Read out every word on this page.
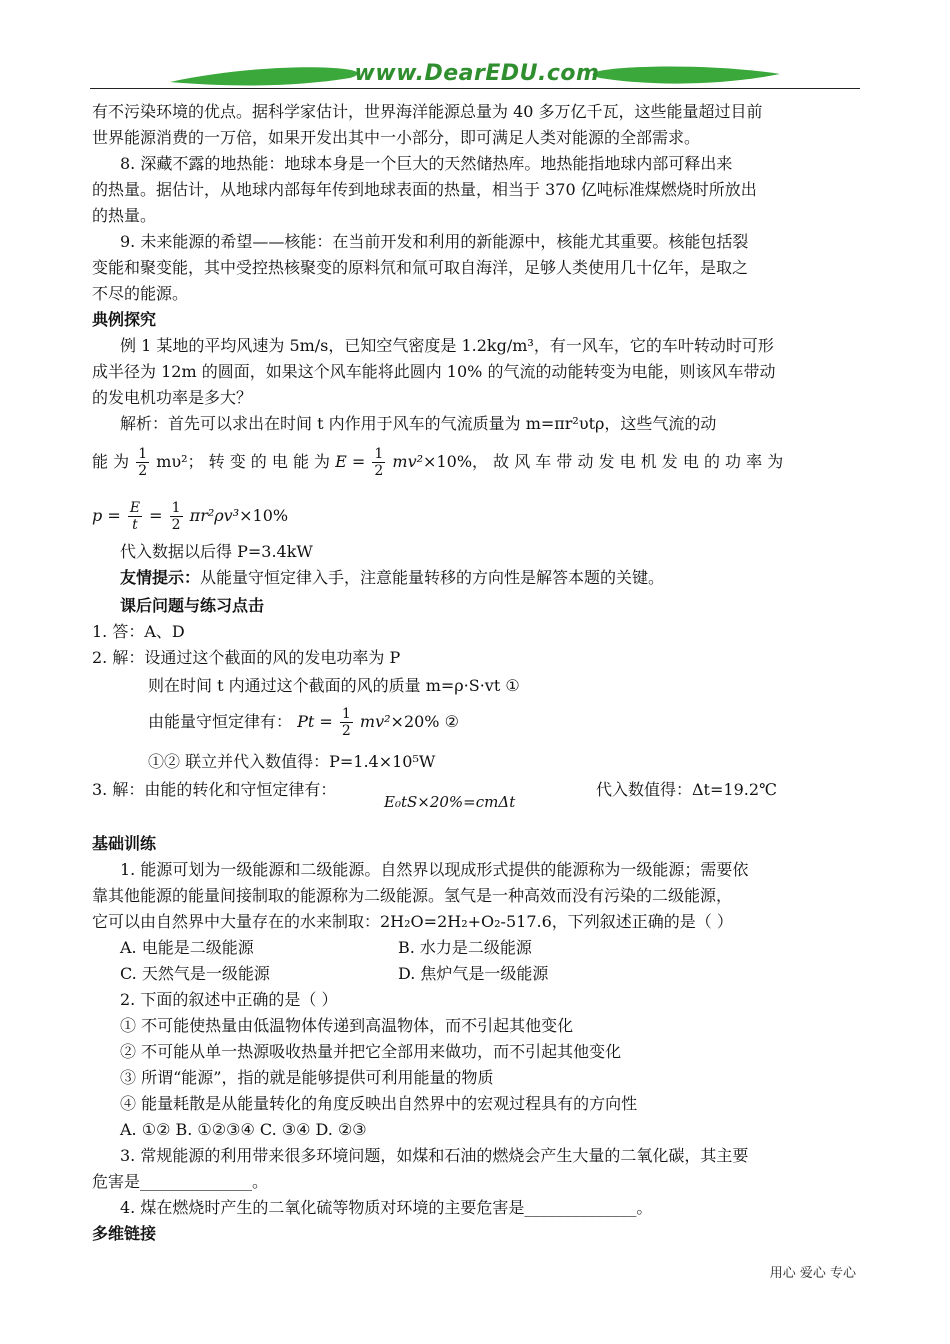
www.DearEDU.com
有不污染环境的优点。据科学家估计，世界海洋能源总量为 40 多万亿千瓦，这些能量超过目前
世界能源消费的一万倍，如果开发出其中一小部分，即可满足人类对能源的全部需求。
8. 深藏不露的地热能：地球本身是一个巨大的天然储热库。地热能指地球内部可释出来
的热量。据估计，从地球内部每年传到地球表面的热量，相当于 370 亿吨标准煤燃烧时所放出
的热量。
9. 未来能源的希望——核能：在当前开发和利用的新能源中，核能尤其重要。核能包括裂
变能和聚变能，其中受控热核聚变的原料氘和氚可取自海洋，足够人类使用几十亿年，是取之
不尽的能源。
典例探究
例 1 某地的平均风速为 5m/s，已知空气密度是 1.2kg/m³，有一风车，它的车叶转动时可形
成半径为 12m 的圆面，如果这个风车能将此圆内 10% 的气流的动能转变为电能，则该风车带动
的发电机功率是多大？
解析：首先可以求出在时间 t 内作用于风车的气流质量为 m=πr²υtρ，这些气流的动
能 为 $\frac{1}{2} m\upsilon^2$； 转 变 的 电 能 为 $E = \frac{1}{2} mv^2\times 10\%$， 故 风 车 带 动 发 电 机 发 电 的 功 率 为
$p = \frac{E}{t} = \frac{1}{2} \pi r^2\rho v^3\times 10\%$
代入数据以后得 P=3.4kW
友情提示：从能量守恒定律入手，注意能量转移的方向性是解答本题的关键。
课后问题与练习点击
1. 答：A、D
2. 解：设通过这个截面的风的发电功率为 P
则在时间 t 内通过这个截面的风的质量 m=ρ·S·vt ①
由能量守恒定律有： $Pt = \frac{1}{2} mv^2\times 20\%$ ②
①② 联立并代入数值得：P=1.4×10⁵W
3. 解：由能的转化和守恒定律有：
E₀tS×20%=cmΔt
代入数值得：Δt=19.2℃
基础训练
1. 能源可划为一级能源和二级能源。自然界以现成形式提供的能源称为一级能源；需要依
靠其他能源的能量间接制取的能源称为二级能源。氢气是一种高效而没有污染的二级能源，
它可以由自然界中大量存在的水来制取：2H₂O=2H₂+O₂-517.6，下列叙述正确的是（ ）
A. 电能是二级能源	B. 水力是二级能源
C. 天然气是一级能源	D. 焦炉气是一级能源
2. 下面的叙述中正确的是（ ）
① 不可能使热量由低温物体传递到高温物体，而不引起其他变化
② 不可能从单一热源吸收热量并把它全部用来做功，而不引起其他变化
③ 所谓“能源”，指的就是能够提供可利用能量的物质
④ 能量耗散是从能量转化的角度反映出自然界中的宏观过程具有的方向性
A. ①② B. ①②③④ C. ③④ D. ②③
3. 常规能源的利用带来很多环境问题，如煤和石油的燃烧会产生大量的二氧化碳，其主要
危害是______________。
4. 煤在燃烧时产生的二氧化硫等物质对环境的主要危害是______________。
多维链接
用心 爱心 专心
